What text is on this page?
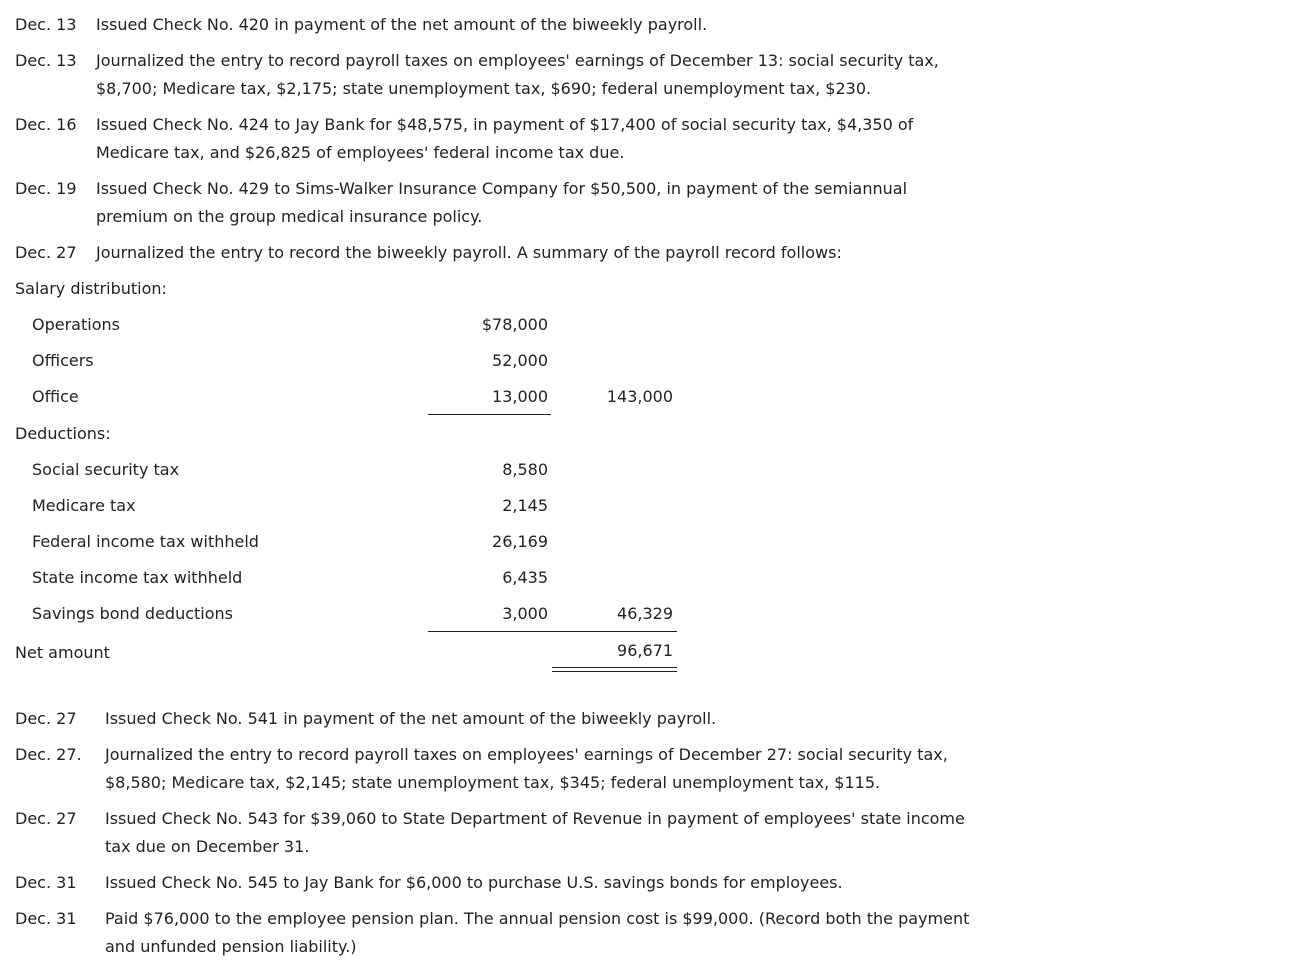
Dec. 13 Issued Check No. 420 in payment of the net amount of the biweekly payroll.
Dec. 13 Journalized the entry to record payroll taxes on employees' earnings of December 13: social security tax,
$8,700; Medicare tax, $2,175; state unemployment tax, $690; federal unemployment tax, $230.
Dec. 16 Issued Check No. 424 to Jay Bank for $48,575, in payment of $17,400 of social security tax, $4,350 of
Medicare tax, and $26,825 of employees' federal income tax due.
Dec. 19 Issued Check No. 429 to Sims-Walker Insurance Company for $50,500, in payment of the semiannual
premium on the group medical insurance policy.
Dec. 27 Journalized the entry to record the biweekly payroll. A summary of the payroll record follows:
Salary distribution:
Operations	$78,000
Officers	52,000
Office	13,000	143,000
Deductions:
Social security tax	8,580
Medicare tax	2,145
Federal income tax withheld	26,169
State income tax withheld	6,435
Savings bond deductions	3,000	46,329
Net amount	96,671
Dec. 27 Issued Check No. 541 in payment of the net amount of the biweekly payroll.
Dec. 27. Journalized the entry to record payroll taxes on employees' earnings of December 27: social security tax,
$8,580; Medicare tax, $2,145; state unemployment tax, $345; federal unemployment tax, $115.
Dec. 27 Issued Check No. 543 for $39,060 to State Department of Revenue in payment of employees' state income
tax due on December 31.
Dec. 31 Issued Check No. 545 to Jay Bank for $6,000 to purchase U.S. savings bonds for employees.
Dec. 31 Paid $76,000 to the employee pension plan. The annual pension cost is $99,000. (Record both the payment
and unfunded pension liability.)
